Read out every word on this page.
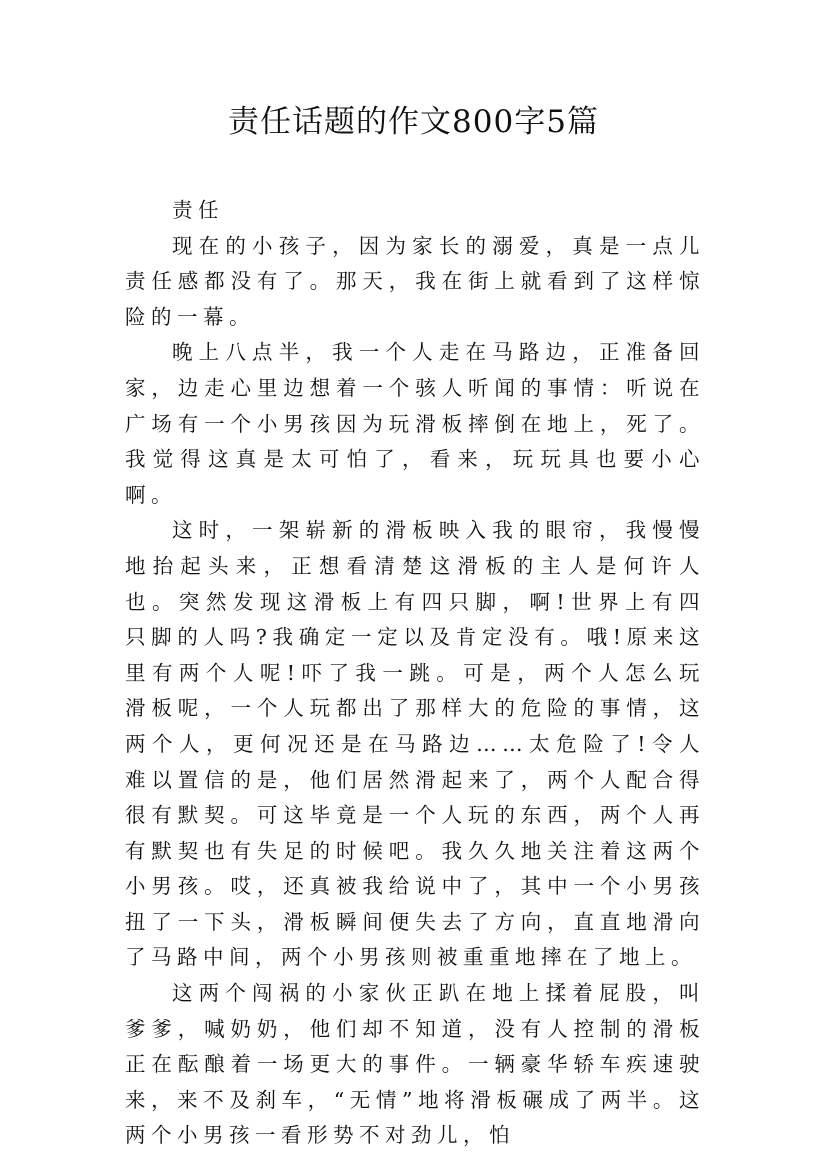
责任话题的作文800字5篇

责任

现在的小孩子，因为家长的溺爱，真是一点儿责任感都没有了。那天，我在街上就看到了这样惊险的一幕。

晚上八点半，我一个人走在马路边，正准备回家，边走心里边想着一个骇人听闻的事情：听说在广场有一个小男孩因为玩滑板摔倒在地上，死了。我觉得这真是太可怕了，看来，玩玩具也要小心啊。

这时，一架崭新的滑板映入我的眼帘，我慢慢地抬起头来，正想看清楚这滑板的主人是何许人也。突然发现这滑板上有四只脚，啊!世界上有四只脚的人吗?我确定一定以及肯定没有。哦!原来这里有两个人呢!吓了我一跳。可是，两个人怎么玩滑板呢，一个人玩都出了那样大的危险的事情，这两个人，更何况还是在马路边……太危险了!令人难以置信的是，他们居然滑起来了，两个人配合得很有默契。可这毕竟是一个人玩的东西，两个人再有默契也有失足的时候吧。我久久地关注着这两个小男孩。哎，还真被我给说中了，其中一个小男孩扭了一下头，滑板瞬间便失去了方向，直直地滑向了马路中间，两个小男孩则被重重地摔在了地上。

这两个闯祸的小家伙正趴在地上揉着屁股，叫爹爹，喊奶奶，他们却不知道，没有人控制的滑板正在酝酿着一场更大的事件。一辆豪华轿车疾速驶来，来不及刹车，“无情”地将滑板碾成了两半。这两个小男孩一看形势不对劲儿，怕
